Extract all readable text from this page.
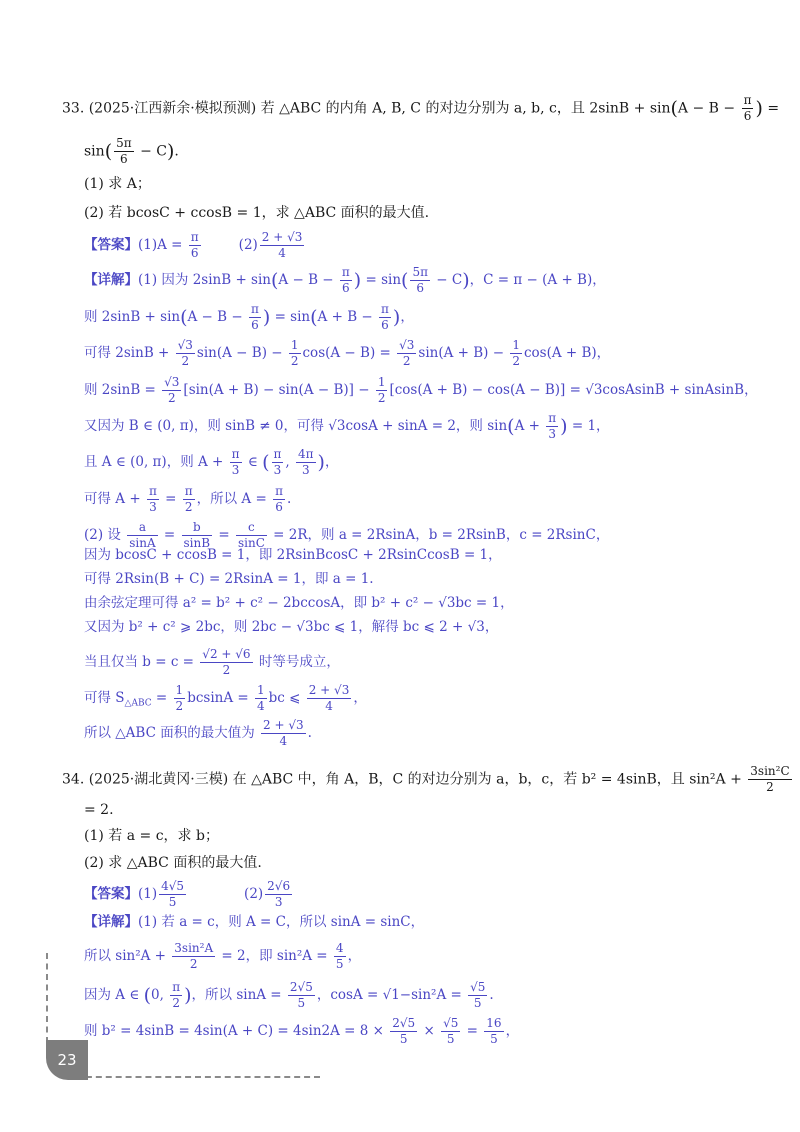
33. (2025·江西新余·模拟预测) 若 △ABC 的内角 A, B, C 的对边分别为 a, b, c，且 $2\sin B + \sin(A - B - \frac{\pi}{6}$ ) =
$\sin( \frac{5\pi}{6} - C)$.
(1) 求 A；
(2) 若 bcosC + ccosB = 1，求 △ABC 面积的最大值.
【答案】$(1)A = \frac{\pi}{6}$	$(2) \frac{2 + √3}{4}$
【详解】(1) 因为 $2\sin B + \sin(A - B - \frac{\pi}{6}$ ) = $\sin( \frac{5\pi}{6} - C)$，C = π − (A + B)，
则 $2\sin B + \sin(A - B - \frac{\pi}{6}$ ) = $\sin(A + B - \frac{\pi}{6}$ )，
可得 $2\sin B + \frac{√3}{2} \sin(A - B) - \frac{1}{2} \cos(A - B) = \frac{√3}{2} \sin(A + B) - \frac{1}{2} \cos(A + B)$，
则 $2\sin B = \frac{√3}{2} [\sin(A + B) - \sin(A - B)] - \frac{1}{2} [\cos(A + B) - \cos(A - B)]$ = √3cosAsinB + sinAsinB，
又因为 B ∈ (0, π)，则 sinB ≠ 0，可得 √3cosA + sinA = 2，则 $\sin(A + \frac{\pi}{3}$ ) = 1，
且 A ∈ (0, π)，则 $A + \frac{\pi}{3}$ ∈ ( $\frac{\pi}{3}$ , $\frac{4\pi}{3}$ )，
可得 $A + \frac{\pi}{3} = \frac{\pi}{2}$ ，所以 $A = \frac{\pi}{6}$ .
(2) 设 $\frac{a}{\sin A} = \frac{b}{\sin B} = \frac{c}{\sin C} = 2R$，则 a = 2RsinA，b = 2RsinB，c = 2RsinC，
因为 bcosC + ccosB = 1，即 2RsinBcosC + 2RsinCcosB = 1，
可得 2Rsin(B + C) = 2RsinA = 1，即 a = 1.
由余弦定理可得 a² = b² + c² − 2bccosA，即 b² + c² − √3bc = 1，
又因为 b² + c² ⩾ 2bc，则 2bc − √3bc ⩽ 1，解得 bc ⩽ 2 + √3，
当且仅当 $b = c = \frac{√2 + √6}{2}$ 时等号成立，
可得 $S_{\triangle ABC} = \frac{1}{2}$ $bcsinA = \frac{1}{4}$ bc ⩽ $\frac{2 + √3}{4}$ ，
所以 △ABC 面积的最大值为 $\frac{2 + √3}{4}$ .
34. (2025·湖北黄冈·三模) 在 △ABC 中，角 A，B，C 的对边分别为 a，b，c，若 b² = 4sinB，且 $\sin^2A + \frac{\text{3sin²C}}{2}$
= 2.
(1) 若 a = c，求 b；
(2) 求 △ABC 面积的最大值.
【答案】$(1) \frac{4√5}{5}$	$(2) \frac{2√6}{3}$
【详解】(1) 若 a = c，则 A = C，所以 sinA = sinC，
所以 $\sin^2A + \frac{\text{3sin²A}}{2} = 2$，即 $\sin^2A = \frac{4}{5}$ ，
因为 A ∈ (0, $\frac{\pi}{2}$ )，所以 $\sin A = \frac{2√5}{5}$ ，$\cos A = √1-\sin^2A = \frac{√5}{5}$ .
则 $b^2 = 4\sin B = 4\sin(A + C) = 4\sin 2A = 8 \times \frac{2√5}{5} \times \frac{√5}{5} = \frac{16}{5}$ ，
23
